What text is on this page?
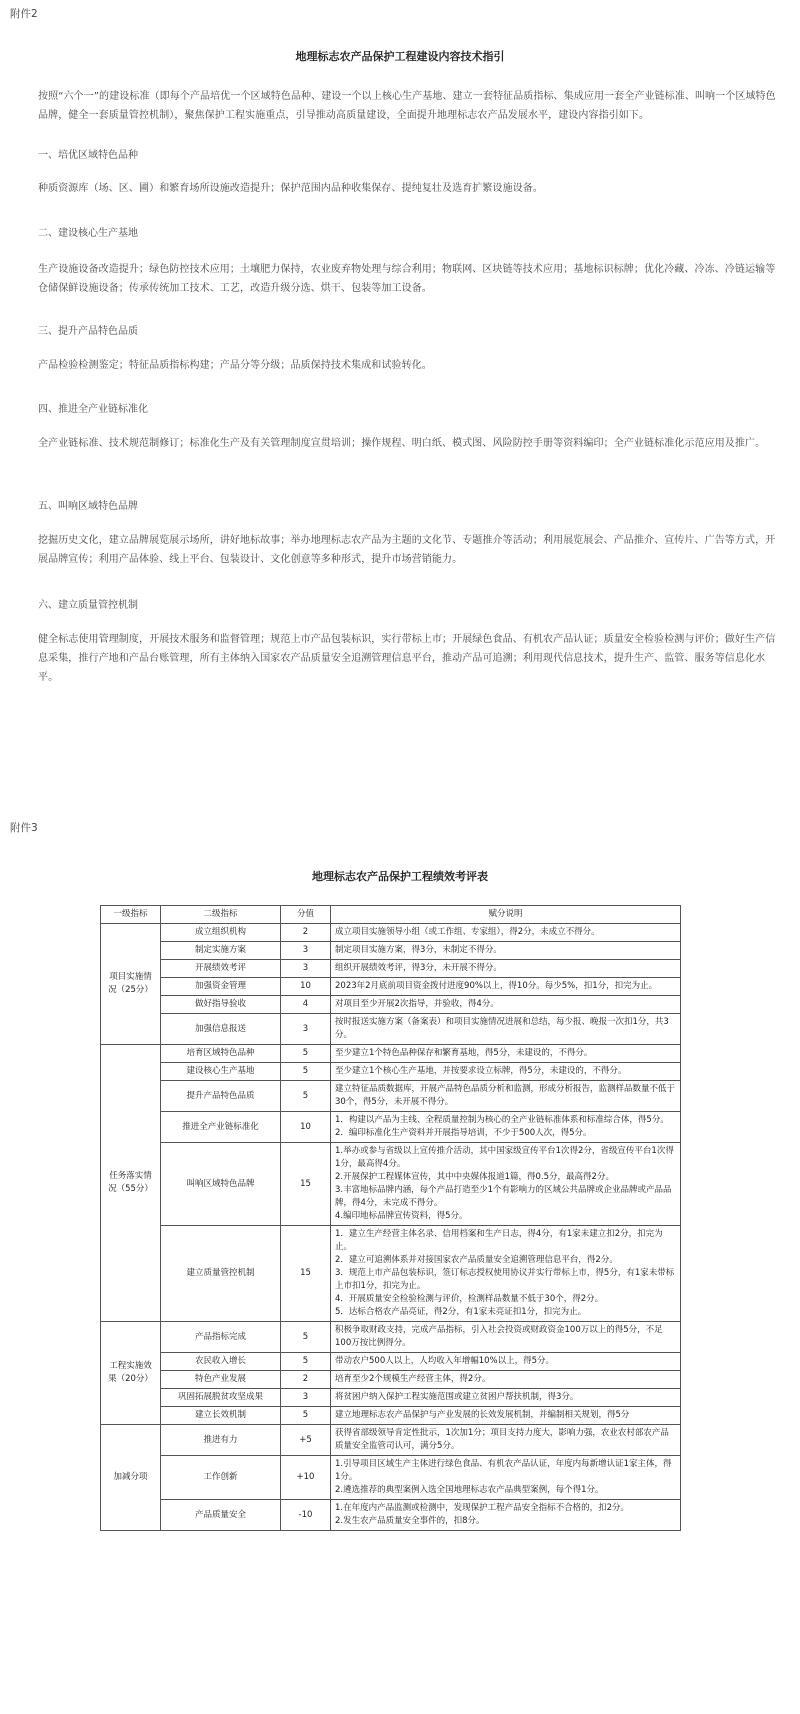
附件2
地理标志农产品保护工程建设内容技术指引
按照“六个一”的建设标准（即每个产品培优一个区域特色品种、建设一个以上核心生产基地、建立一套特征品质指标、集成应用一套全产业链标准、叫响一个区域特色品牌，健全一套质量管控机制），聚焦保护工程实施重点，引导推动高质量建设，全面提升地理标志农产品发展水平，建设内容指引如下。
一、培优区域特色品种
种质资源库（场、区、圃）和繁育场所设施改造提升；保护范围内品种收集保存、提纯复壮及选育扩繁设施设备。
二、建设核心生产基地
生产设施设备改造提升；绿色防控技术应用；土壤肥力保持，农业废弃物处理与综合利用；物联网、区块链等技术应用；基地标识标牌；优化冷藏、冷冻、冷链运输等仓储保鲜设施设备；传承传统加工技术、工艺，改造升级分选、烘干、包装等加工设备。
三、提升产品特色品质
产品检验检测鉴定；特征品质指标构建；产品分等分级；品质保持技术集成和试验转化。
四、推进全产业链标准化
全产业链标准、技术规范制修订；标准化生产及有关管理制度宣贯培训；操作规程、明白纸、模式图、风险防控手册等资料编印；全产业链标准化示范应用及推广。
五、叫响区域特色品牌
挖掘历史文化，建立品牌展览展示场所，讲好地标故事；举办地理标志农产品为主题的文化节、专题推介等活动；利用展览展会、产品推介、宣传片、广告等方式，开展品牌宣传；利用产品体验、线上平台、包装设计、文化创意等多种形式，提升市场营销能力。
六、建立质量管控机制
健全标志使用管理制度，开展技术服务和监督管理；规范上市产品包装标识，实行带标上市；开展绿色食品、有机农产品认证；质量安全检验检测与评价；做好生产信息采集，推行产地和产品台账管理，所有主体纳入国家农产品质量安全追溯管理信息平台，推动产品可追溯；利用现代信息技术，提升生产、监管、服务等信息化水平。
附件3
地理标志农产品保护工程绩效考评表
一级指标	二级指标	分值	赋分说明

项目实施情
况（25分）	成立组织机构	2	成立项目实施领导小组（或工作组、专家组），得2分，未成立不得分。

	制定实施方案	3	制定项目实施方案，得3分，未制定不得分。

	开展绩效考评	3	组织开展绩效考评，得3分，未开展不得分。

	加强资金管理	10	2023年2月底前项目资金拨付进度90%以上，得10分。每少5%，扣1分，扣完为止。

	做好指导验收	4	对项目至少开展2次指导，并验收，得4分。

	加强信息报送	3	按时报送实施方案（备案表）和项目实施情况进展和总结，每少报、晚报一次扣1分，共3分。

任务落实情
况（55分）	培育区域特色品种	5	至少建立1个特色品种保存和繁育基地，得5分，未建设的，不得分。

	建设核心生产基地	5	至少建立1个核心生产基地，并按要求设立标牌，得5分，未建设的，不得分。

	提升产品特色品质	5	建立特征品质数据库，开展产品特色品质分析和监测，形成分析报告，监测样品数量不低于30个，得5分，未开展不得分。

	推进全产业链标准化	10	1．构建以产品为主线、全程质量控制为核心的全产业链标准体系和标准综合体，得5分。
2．编印标准化生产资料并开展指导培训，不少于500人次，得5分。

	叫响区域特色品牌	15	1.举办或参与省级以上宣传推介活动，其中国家级宣传平台1次得2分，省级宣传平台1次得1分，最高得4分。
2.开展保护工程媒体宣传，其中中央媒体报道1篇，得0.5分，最高得2分。
3.丰富地标品牌内涵，每个产品打造至少1个有影响力的区域公共品牌或企业品牌或产品品牌，得4分，未完成不得分。
4.编印地标品牌宣传资料，得5分。

	建立质量管控机制	15	1．建立生产经营主体名录、信用档案和生产日志，得4分，有1家未建立扣2分，扣完为止。
2．建立可追溯体系并对接国家农产品质量安全追溯管理信息平台，得2分。
3．规范上市产品包装标识，签订标志授权使用协议并实行带标上市，得5分，有1家未带标上市扣1分，扣完为止。
4．开展质量安全检验检测与评价，检测样品数量不低于30个，得2分。
5．达标合格农产品亮证，得2分，有1家未亮证扣1分，扣完为止。

工程实施效
果（20分）	产品指标完成	5	积极争取财政支持，完成产品指标，引入社会投资或财政资金100万以上的得5分，不足100万按比例得分。

	农民收入增长	5	带动农户500人以上，人均收入年增幅10%以上，得5分。

	特色产业发展	2	培育至少2个规模生产经营主体，得2分。

	巩固拓展脱贫攻坚成果	3	将贫困户纳入保护工程实施范围或建立贫困户帮扶机制，得3分。

	建立长效机制	5	建立地理标志农产品保护与产业发展的长效发展机制，并编制相关规划，得5分

加减分项	推进有力	+5	获得省部级领导肯定性批示，1次加1分；项目支持力度大，影响力强，农业农村部农产品质量安全监管司认可，满分5分。

	工作创新	+10	1.引导项目区域生产主体进行绿色食品、有机农产品认证，年度内每新增认证1家主体，得1分。
2.遴选推荐的典型案例入选全国地理标志农产品典型案例，每个得1分。

	产品质量安全	-10	1.在年度内产品监测或检测中，发现保护工程产品安全指标不合格的，扣2分。
2.发生农产品质量安全事件的，扣8分。
